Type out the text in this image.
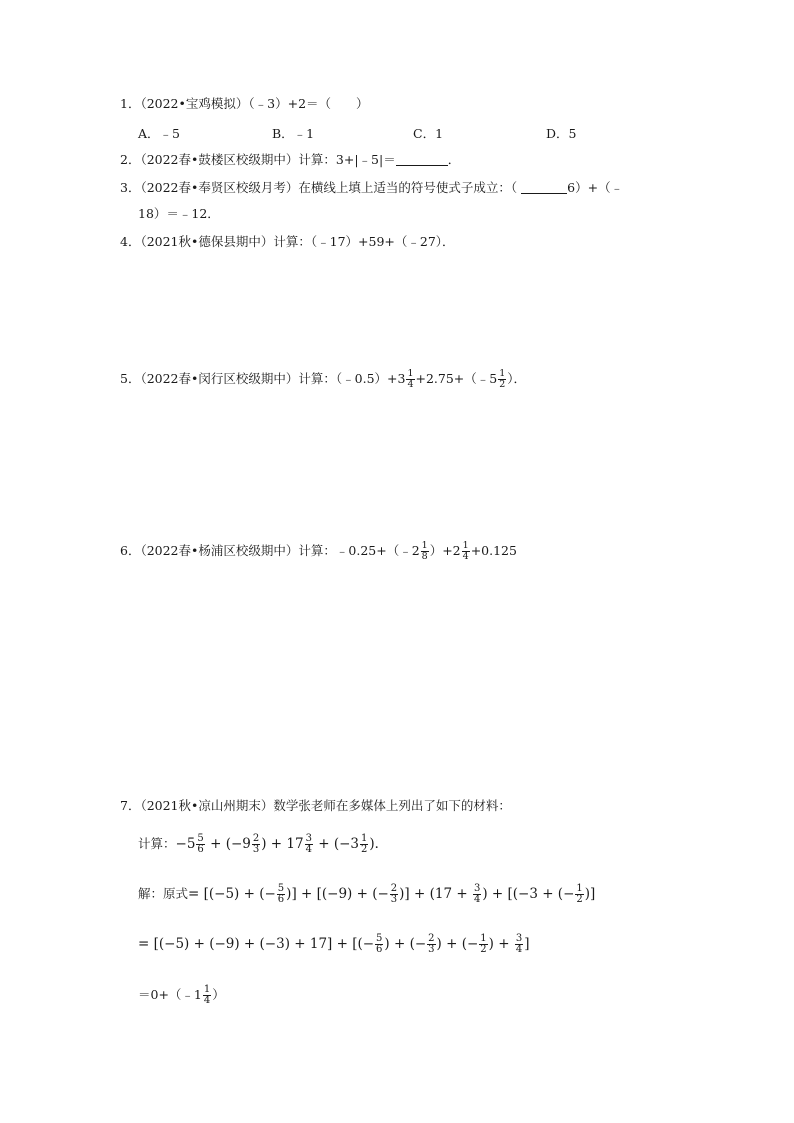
1．（2022•宝鸡模拟）（﹣3）+2＝（　　）
A．﹣5	B．﹣1	C．1	D．5
2．（2022春•鼓楼区校级期中）计算：3+|﹣5|＝	．
3．（2022春•奉贤区校级月考）在横线上填上适当的符号使式子成立：（	6）+（﹣
18）＝﹣12．
4．（2021秋•德保县期中）计算：（﹣17）+59+（﹣27）．
5．（2022春•闵行区校级期中）计算：（﹣0.5）+3 $\frac{1}{4}$ +2.75+（﹣5 $\frac{1}{2}$ ）．
6．（2022春•杨浦区校级期中）计算：﹣0.25+（﹣2 $\frac{1}{8} )+2 \frac{1}{4} +0.125$
7．（2021秋•凉山州期末）数学张老师在多媒体上列出了如下的材料：
计算：$-5 \frac{5}{6} + (-9 \frac{2}{3}$ ) + $17 \frac{3}{4} + (-3 \frac{1}{2}$ )．
解：原式= [(−5) + (− $\frac{5}{6}$ )] + [(−9) + (− $\frac{2}{3}$ )] + ($17 + \frac{3}{4}$ ) + [(−3 + (− $\frac{1}{2}$ )]
= [(−5) + (−9) + (−3) + 17] + [(− $\frac{5}{6}$ ) + (− $\frac{2}{3}$ ) + (− $\frac{1}{2}$ ) + $\frac{3}{4}$ ]
＝0+（﹣1 $\frac{1}{4}$ ）
